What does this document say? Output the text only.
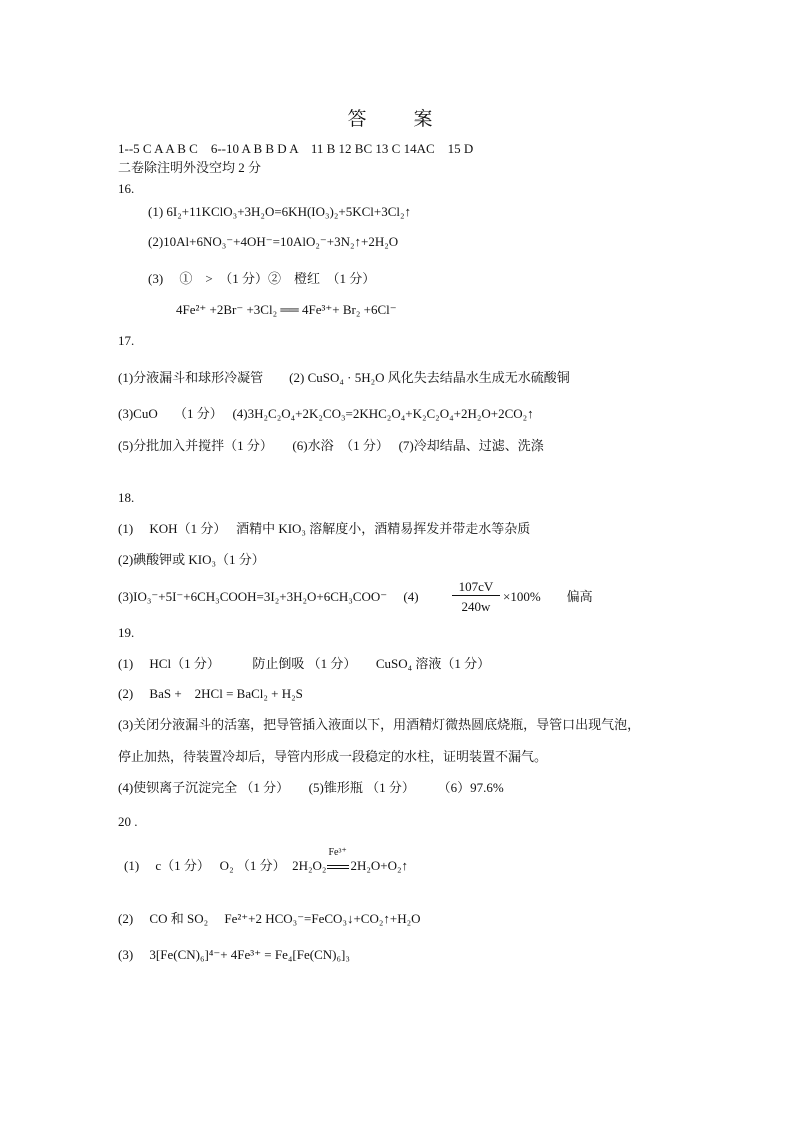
答　案
1--5 C A A B C　6--10 A B B D A　11 B 12 BC 13 C 14AC　15 D
二卷除注明外没空均 2 分
16.
(1) 6I₂+11KClO₃+3H₂O=6KH(IO₃)₂+5KCl+3Cl₂↑
(2)10Al+6NO₃⁻+4OH⁻=10AlO₂⁻+3N₂↑+2H₂O
(3)　 ①　>　（1 分）②　橙红　（1 分）
4Fe²⁺ +2Br⁻ +3Cl₂ ══ 4Fe³⁺+ Br₂ +6Cl⁻
17.
(1)分液漏斗和球形冷凝管　　(2) CuSO₄ · 5H₂O 风化失去结晶水生成无水硫酸铜
(3)CuO　 （1 分）　 (4)3H₂C₂O₄+2K₂CO₃=2KHC₂O₄+K₂C₂O₄+2H₂O+2CO₂↑
(5)分批加入并搅拌（1 分）　　(6)水浴　（1 分）　 (7)冷却结晶、过滤、洗涤
18.
(1)　 KOH（1 分）　 酒精中 KIO₃ 溶解度小，酒精易挥发并带走水等杂质
(2)碘酸钾或 KIO₃（1 分）
(3)IO₃⁻+5I⁻+6CH₃COOH=3I₂+3H₂O+6CH₃COO⁻　 (4)
107cV
240w
×100%　　偏高
19.
(1)　 HCl（1 分）　　　防止倒吸 （1 分）　　CuSO₄ 溶液（1 分）
(2)　 BaS +　2HCl = BaCl₂ + H₂S
(3)关闭分液漏斗的活塞，把导管插入液面以下，用酒精灯微热圆底烧瓶，导管口出现气泡，
停止加热，待装置冷却后，导管内形成一段稳定的水柱，证明装置不漏气。
(4)使钡离子沉淀完全 （1 分）　　(5)锥形瓶 （1 分）　　 （6）97.6%
20 .
(1)　 c（1 分）　 O₂ （1 分）　2H₂O₂
Fe³⁺
2H₂O+O₂↑
(2)　 CO 和 SO₂　 Fe²⁺+2 HCO₃⁻=FeCO₃↓+CO₂↑+H₂O
(3)　 3[Fe(CN)₆]⁴⁻+ 4Fe³⁺ = Fe₄[Fe(CN)₆]₃
